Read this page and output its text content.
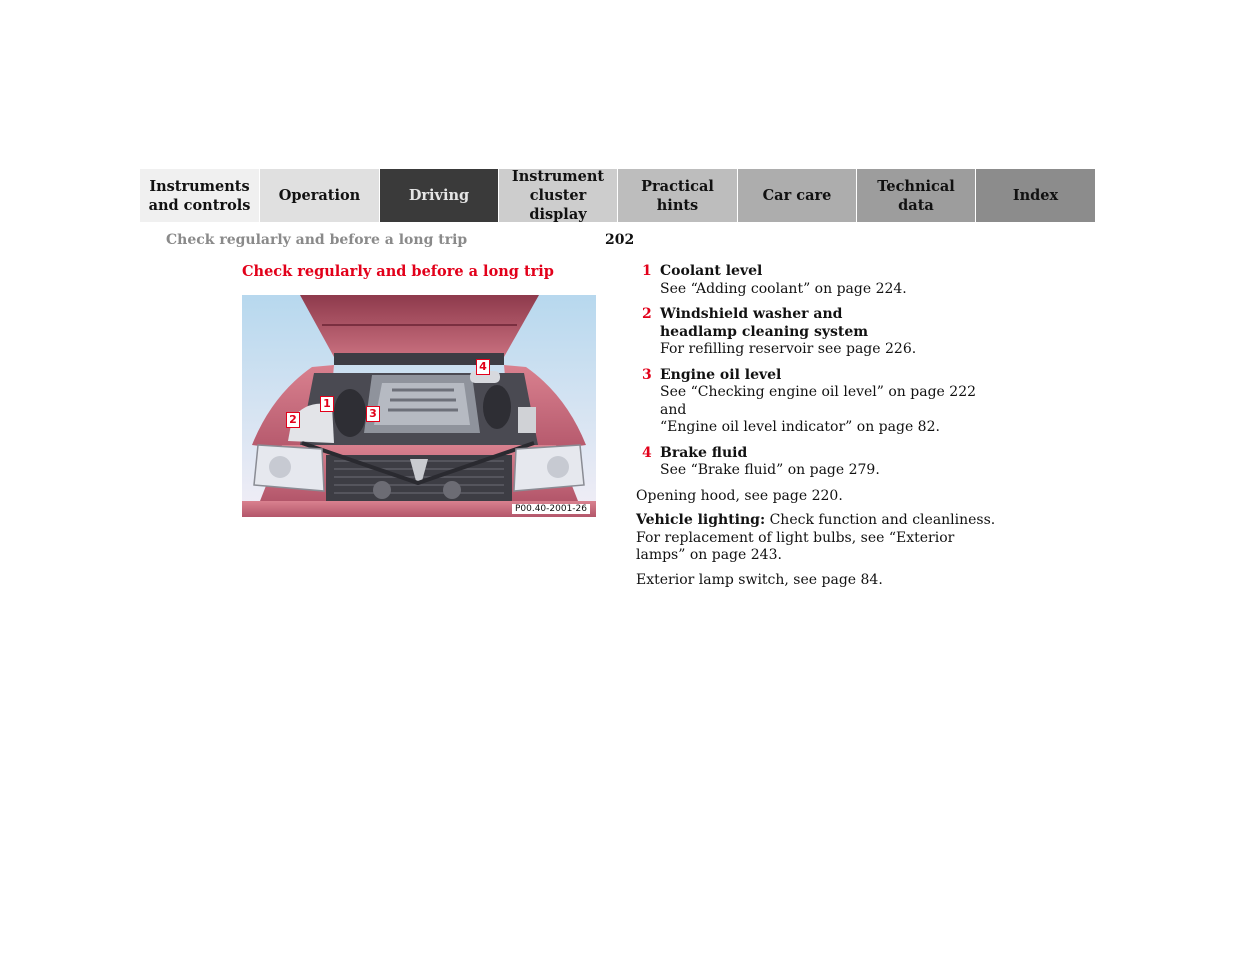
Instruments
and controls
Operation	Driving
Instrument
cluster display
Practical hints
Car care
Technical
data
Index
Check regularly and before a long trip	202
Check regularly and before a long trip
1
2	3
4
P00.40-2001-26
1 Coolant level
See “Adding coolant” on page 224.
2 Windshield washer and
headlamp cleaning system
For refilling reservoir see page 226.
3 Engine oil level
See “Checking engine oil level” on page 222 and
“Engine oil level indicator” on page 82.
4 Brake fluid
See “Brake fluid” on page 279.

Opening hood, see page 220.

Vehicle lighting: Check function and cleanliness. For replacement of light bulbs, see “Exterior lamps” on page 243.

Exterior lamp switch, see page 84.
